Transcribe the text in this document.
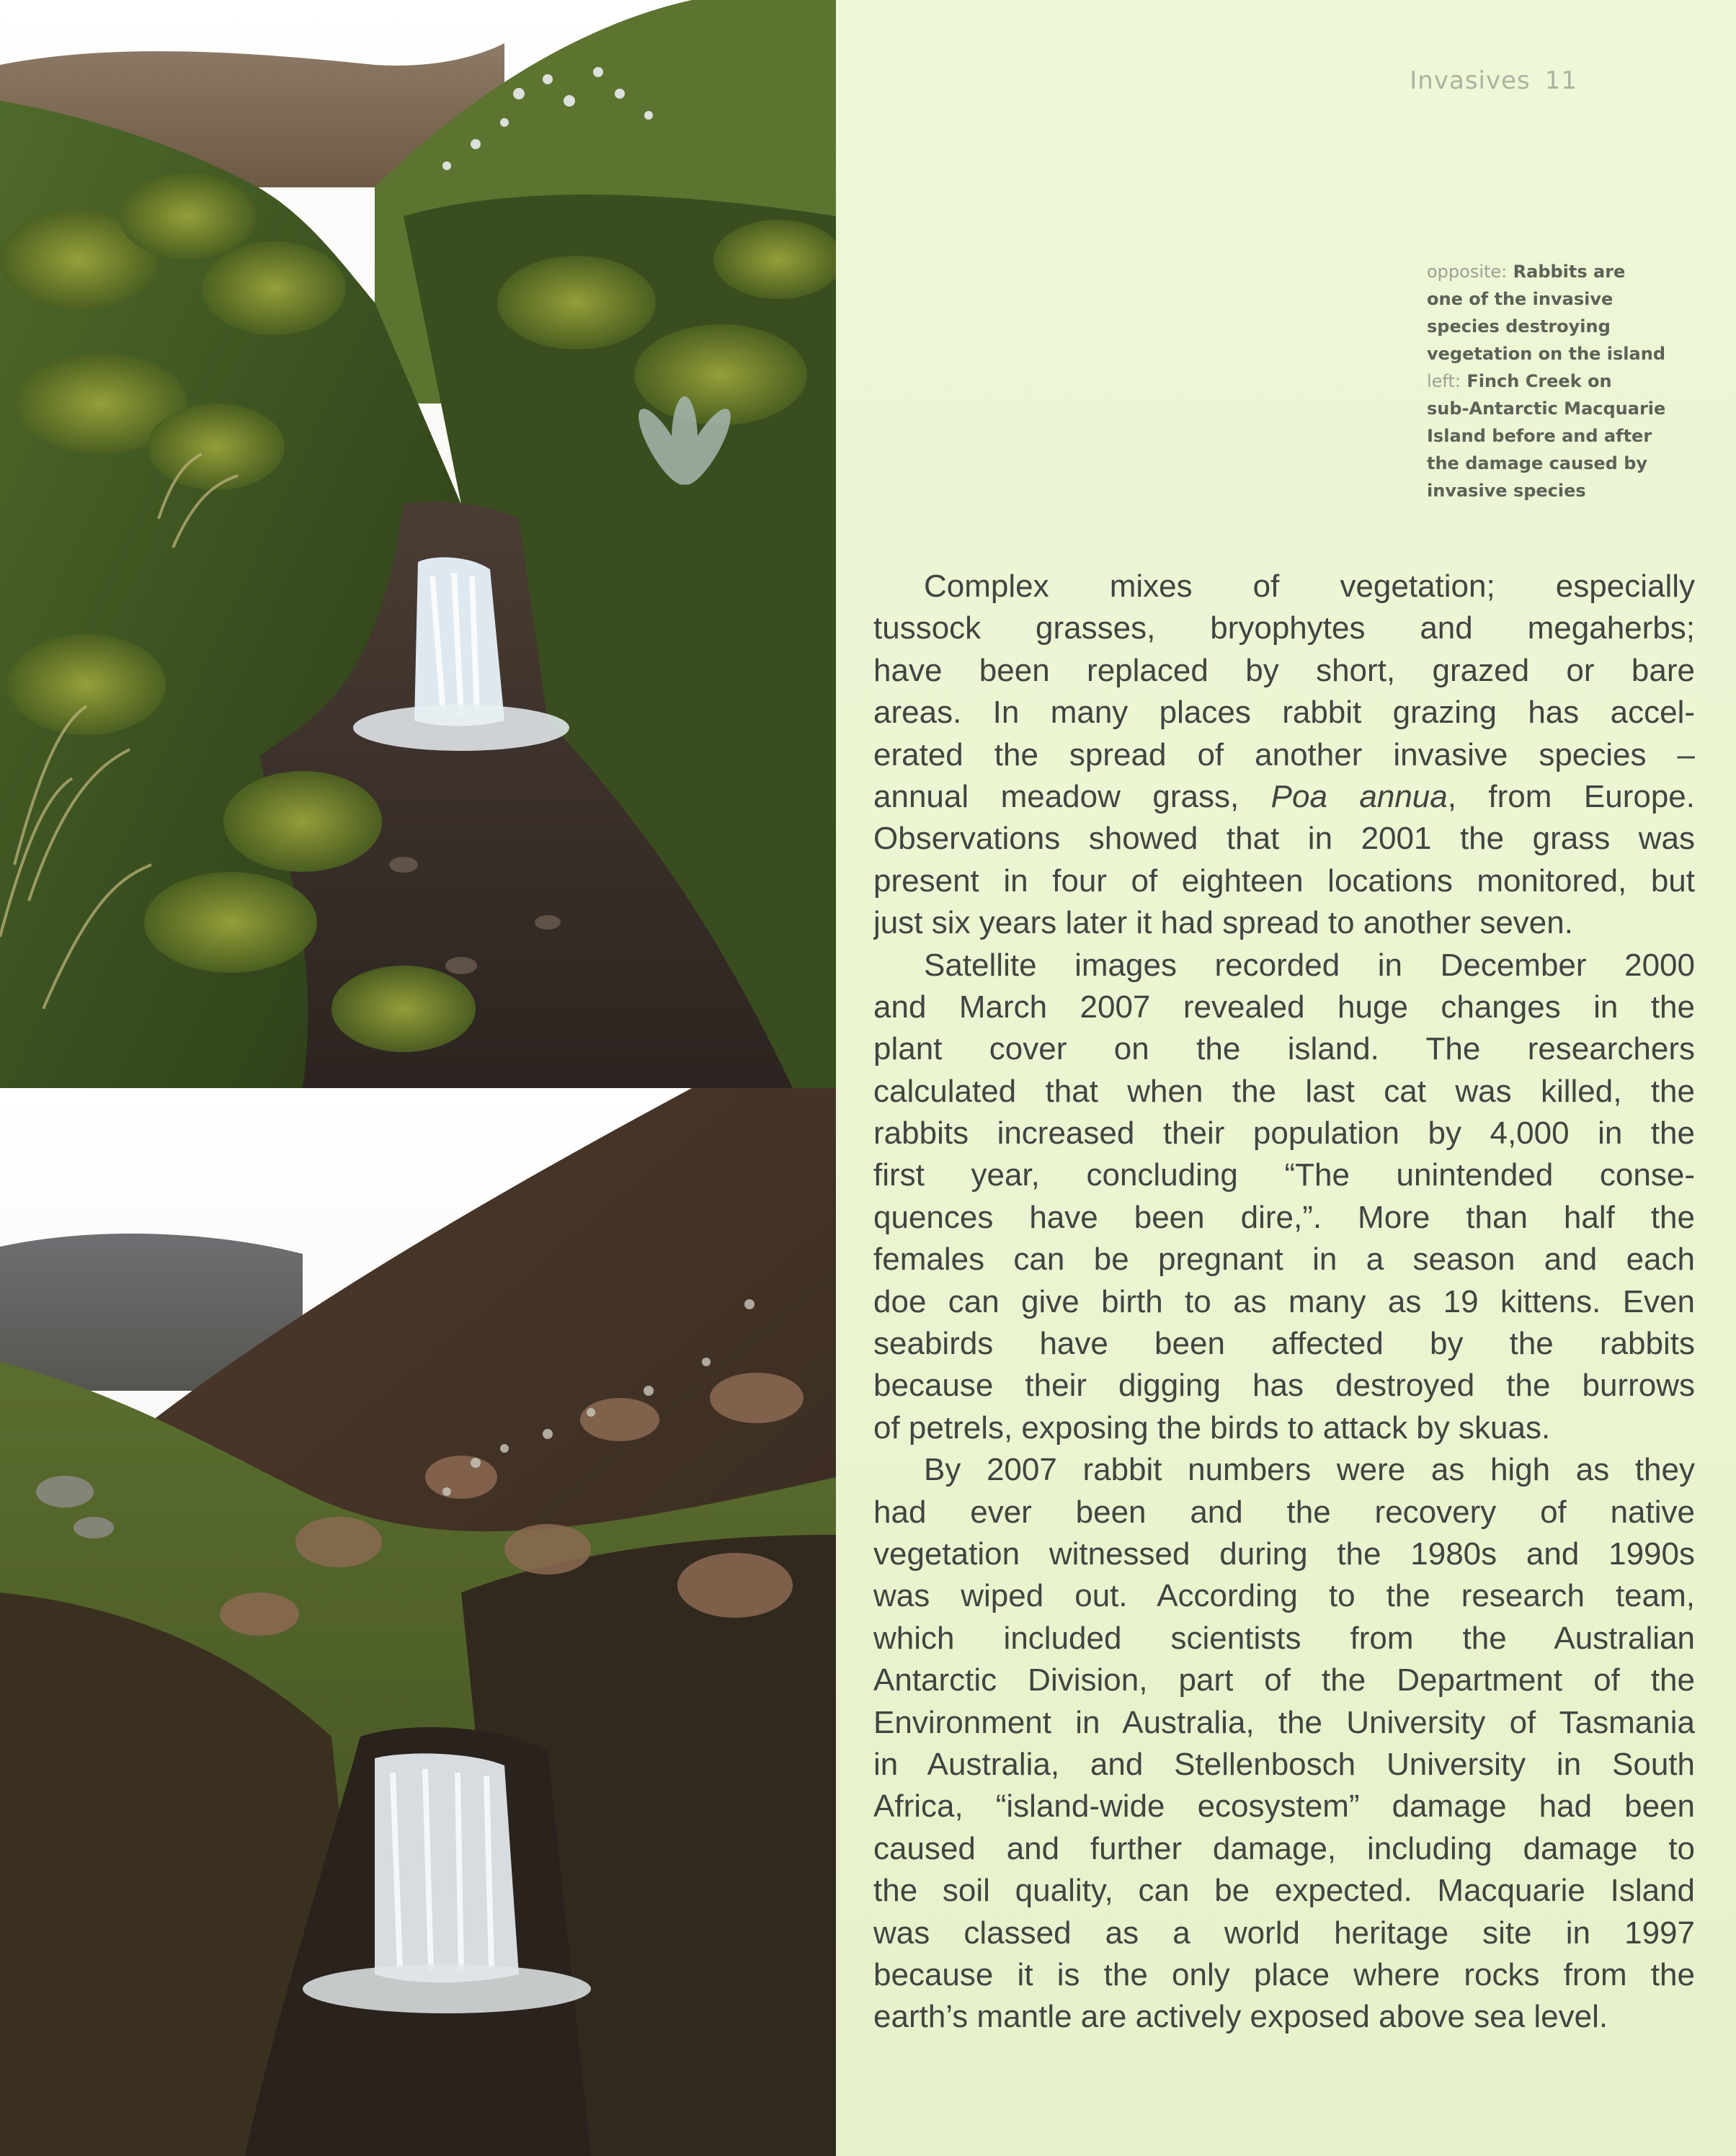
Invasives 11
opposite: Rabbits are
one of the invasive
species destroying
vegetation on the island
left: Finch Creek on
sub-Antarctic Macquarie
Island before and after
the damage caused by
invasive species
Complex mixes of vegetation; especially
tussock grasses, bryophytes and megaherbs;
have been replaced by short, grazed or bare
areas. In many places rabbit grazing has accel-
erated the spread of another invasive species –
annual meadow grass, Poa annua, from Europe.
Observations showed that in 2001 the grass was
present in four of eighteen locations monitored, but
just six years later it had spread to another seven.
Satellite images recorded in December 2000
and March 2007 revealed huge changes in the
plant cover on the island. The researchers
calculated that when the last cat was killed, the
rabbits increased their population by 4,000 in the
first year, concluding “The unintended conse-
quences have been dire,”. More than half the
females can be pregnant in a season and each
doe can give birth to as many as 19 kittens. Even
seabirds have been affected by the rabbits
because their digging has destroyed the burrows
of petrels, exposing the birds to attack by skuas.
By 2007 rabbit numbers were as high as they
had ever been and the recovery of native
vegetation witnessed during the 1980s and 1990s
was wiped out. According to the research team,
which included scientists from the Australian
Antarctic Division, part of the Department of the
Environment in Australia, the University of Tasmania
in Australia, and Stellenbosch University in South
Africa, “island-wide ecosystem” damage had been
caused and further damage, including damage to
the soil quality, can be expected. Macquarie Island
was classed as a world heritage site in 1997
because it is the only place where rocks from the
earth’s mantle are actively exposed above sea level.
